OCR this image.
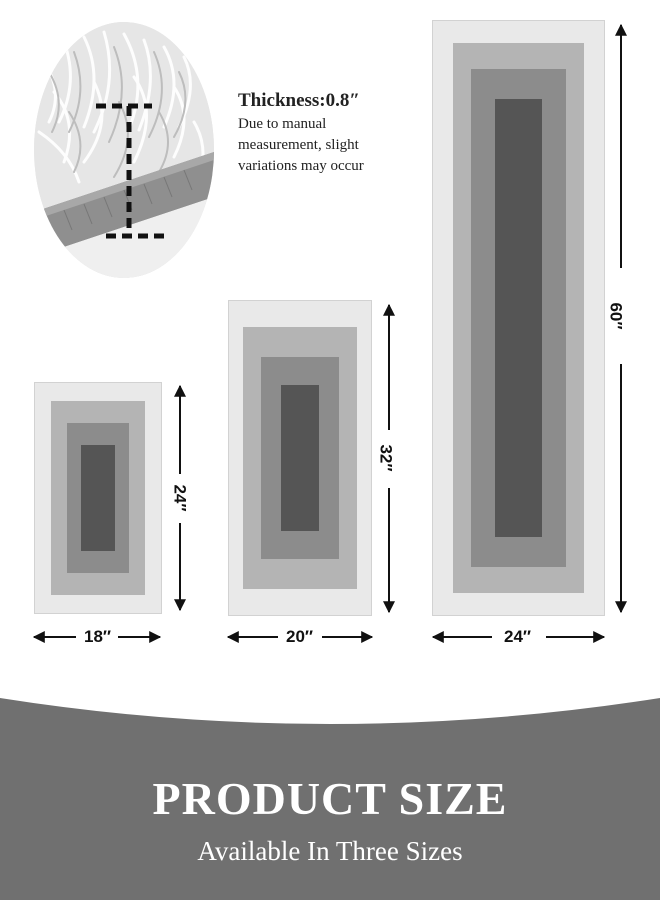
Thickness:0.8″
Due to manual
measurement, slight
variations may occur
18″
24″
20″
32″
24″
60″
PRODUCT SIZE
Available In Three Sizes
